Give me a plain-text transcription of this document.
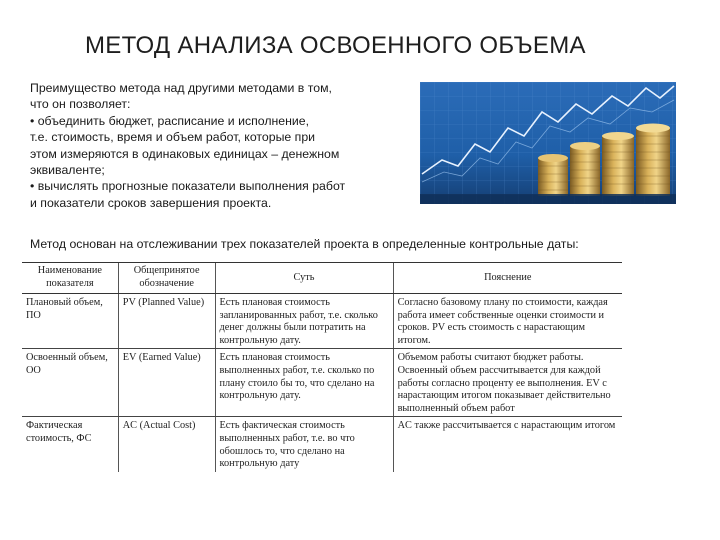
МЕТОД АНАЛИЗА ОСВОЕННОГО ОБЪЕМА

Преимущество метода над другими методами в том,

что он позволяет:

• объединить бюджет, расписание и исполнение,

т.е. стоимость, время и объем работ, которые при

этом измеряются в одинаковых единицах – денежном

эквиваленте;

• вычислять прогнозные показатели выполнения работ

и показатели сроков завершения проекта.

Метод основан на отслеживании трех показателей проекта в определенные контрольные даты:
Наименование показателя	Общепринятое обозначение	Суть	Пояснение
Плановый объем, ПО	PV (Planned Value)	Есть плановая стоимость запланированных работ, т.е. сколько денег должны были потратить на контрольную дату.	Согласно базовому плану по стоимости, каждая работа имеет собственные оценки стоимости и сроков. PV есть стоимость с нарастающим итогом.
Освоенный объем, ОО	EV (Earned Value)	Есть плановая стоимость выполненных работ, т.е. сколько по плану стоило бы то, что сделано на контрольную дату.	Объемом работы считают бюджет работы. Освоенный объем рассчитывается для каждой работы согласно проценту ее выполнения. EV с нарастающим итогом показывает действительно выполненный объем работ
Фактическая стоимость, ФС	AC (Actual Cost)	Есть фактическая стоимость выполненных работ, т.е. во что обошлось то, что сделано на контрольную дату	AC также рассчитывается с нарастающим итогом
